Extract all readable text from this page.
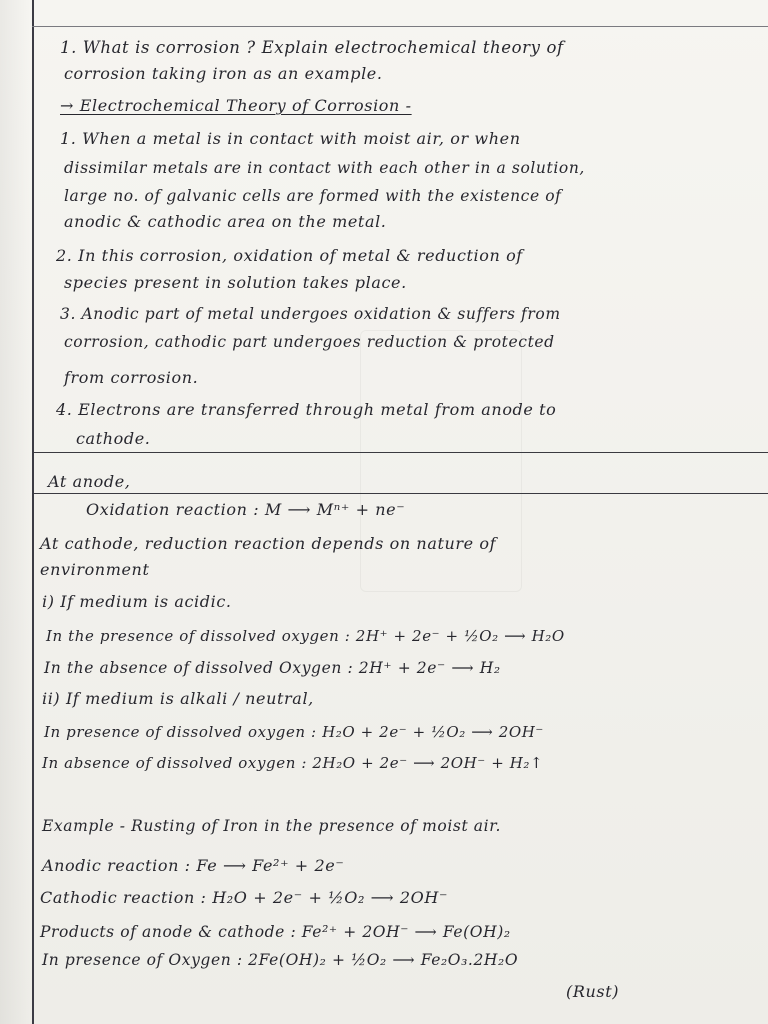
1. What is corrosion ? Explain electrochemical theory of
corrosion taking iron as an example.
→ Electrochemical Theory of Corrosion -
1. When a metal is in contact with moist air, or when
dissimilar metals are in contact with each other in a solution,
large no. of galvanic cells are formed with the existence of
anodic & cathodic area on the metal.
2. In this corrosion, oxidation of metal & reduction of
species present in solution takes place.
3. Anodic part of metal undergoes oxidation & suffers from
corrosion, cathodic part undergoes reduction & protected
from corrosion.
4. Electrons are transferred through metal from anode to
cathode.
At anode,
Oxidation reaction : M ⟶ Mⁿ⁺ + ne⁻
At cathode, reduction reaction depends on nature of
environment
i) If medium is acidic.
In the presence of dissolved oxygen : 2H⁺ + 2e⁻ + ½O₂ ⟶ H₂O
In the absence of dissolved Oxygen : 2H⁺ + 2e⁻ ⟶ H₂
ii) If medium is alkali / neutral,
In presence of dissolved oxygen : H₂O + 2e⁻ + ½O₂ ⟶ 2OH⁻
In absence of dissolved oxygen : 2H₂O + 2e⁻ ⟶ 2OH⁻ + H₂↑
Example - Rusting of Iron in the presence of moist air.
Anodic reaction : Fe ⟶ Fe²⁺ + 2e⁻
Cathodic reaction : H₂O + 2e⁻ + ½O₂ ⟶ 2OH⁻
Products of anode & cathode : Fe²⁺ + 2OH⁻ ⟶ Fe(OH)₂
In presence of Oxygen : 2Fe(OH)₂ + ½O₂ ⟶ Fe₂O₃.2H₂O
(Rust)
